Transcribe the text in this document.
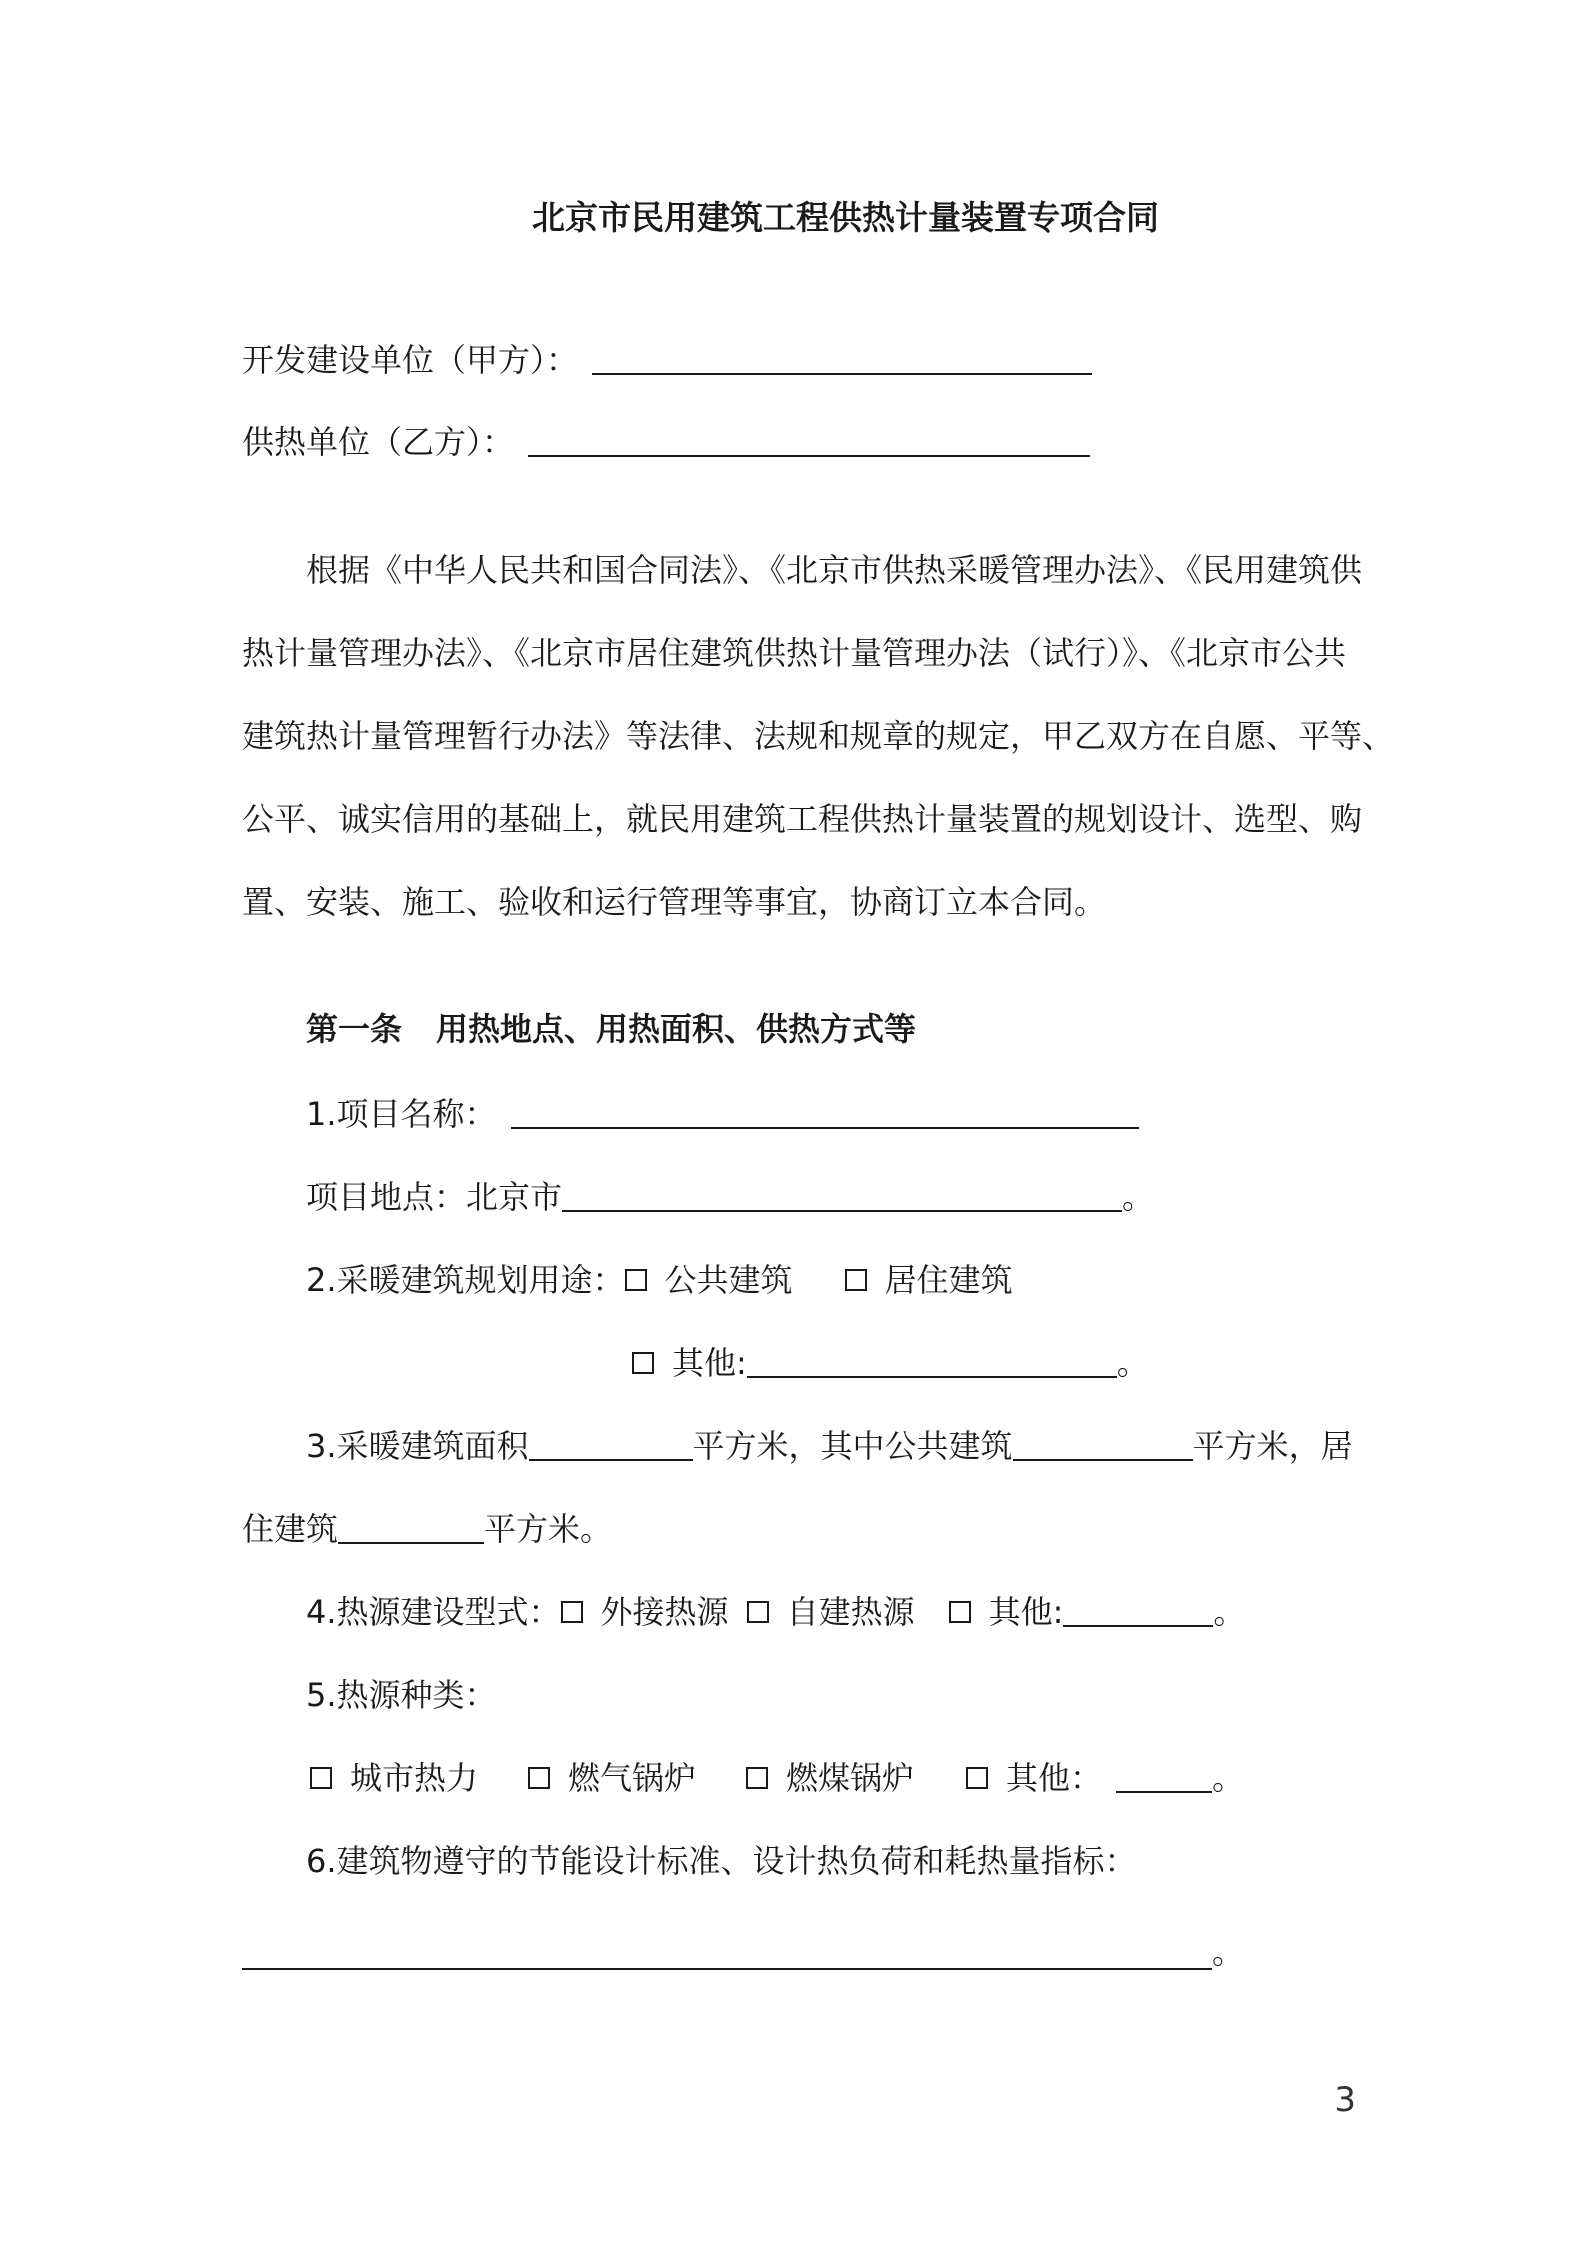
北京市民用建筑工程供热计量装置专项合同
开发建设单位（甲方）：
供热单位（乙方）：
根据《中华人民共和国合同法》、《北京市供热采暖管理办法》、《民用建筑供
热计量管理办法》、《北京市居住建筑供热计量管理办法（试行）》、《北京市公共
建筑热计量管理暂行办法》等法律、法规和规章的规定，甲乙双方在自愿、平等、
公平、诚实信用的基础上，就民用建筑工程供热计量装置的规划设计、选型、购
置、安装、施工、验收和运行管理等事宜，协商订立本合同。
第一条 用热地点、用热面积、供热方式等
1.项目名称：
项目地点：北京市	。
2.采暖建筑规划用途： 公共建筑	居住建筑
其他:	。
3.采暖建筑面积	平方米，其中公共建筑	平方米，居
住建筑	平方米。
4.热源建设型式： 外接热源 自建热源 其他:	。
5.热源种类：
城市热力	燃气锅炉	燃煤锅炉	其他：	。
6.建筑物遵守的节能设计标准、设计热负荷和耗热量指标：
。
3
